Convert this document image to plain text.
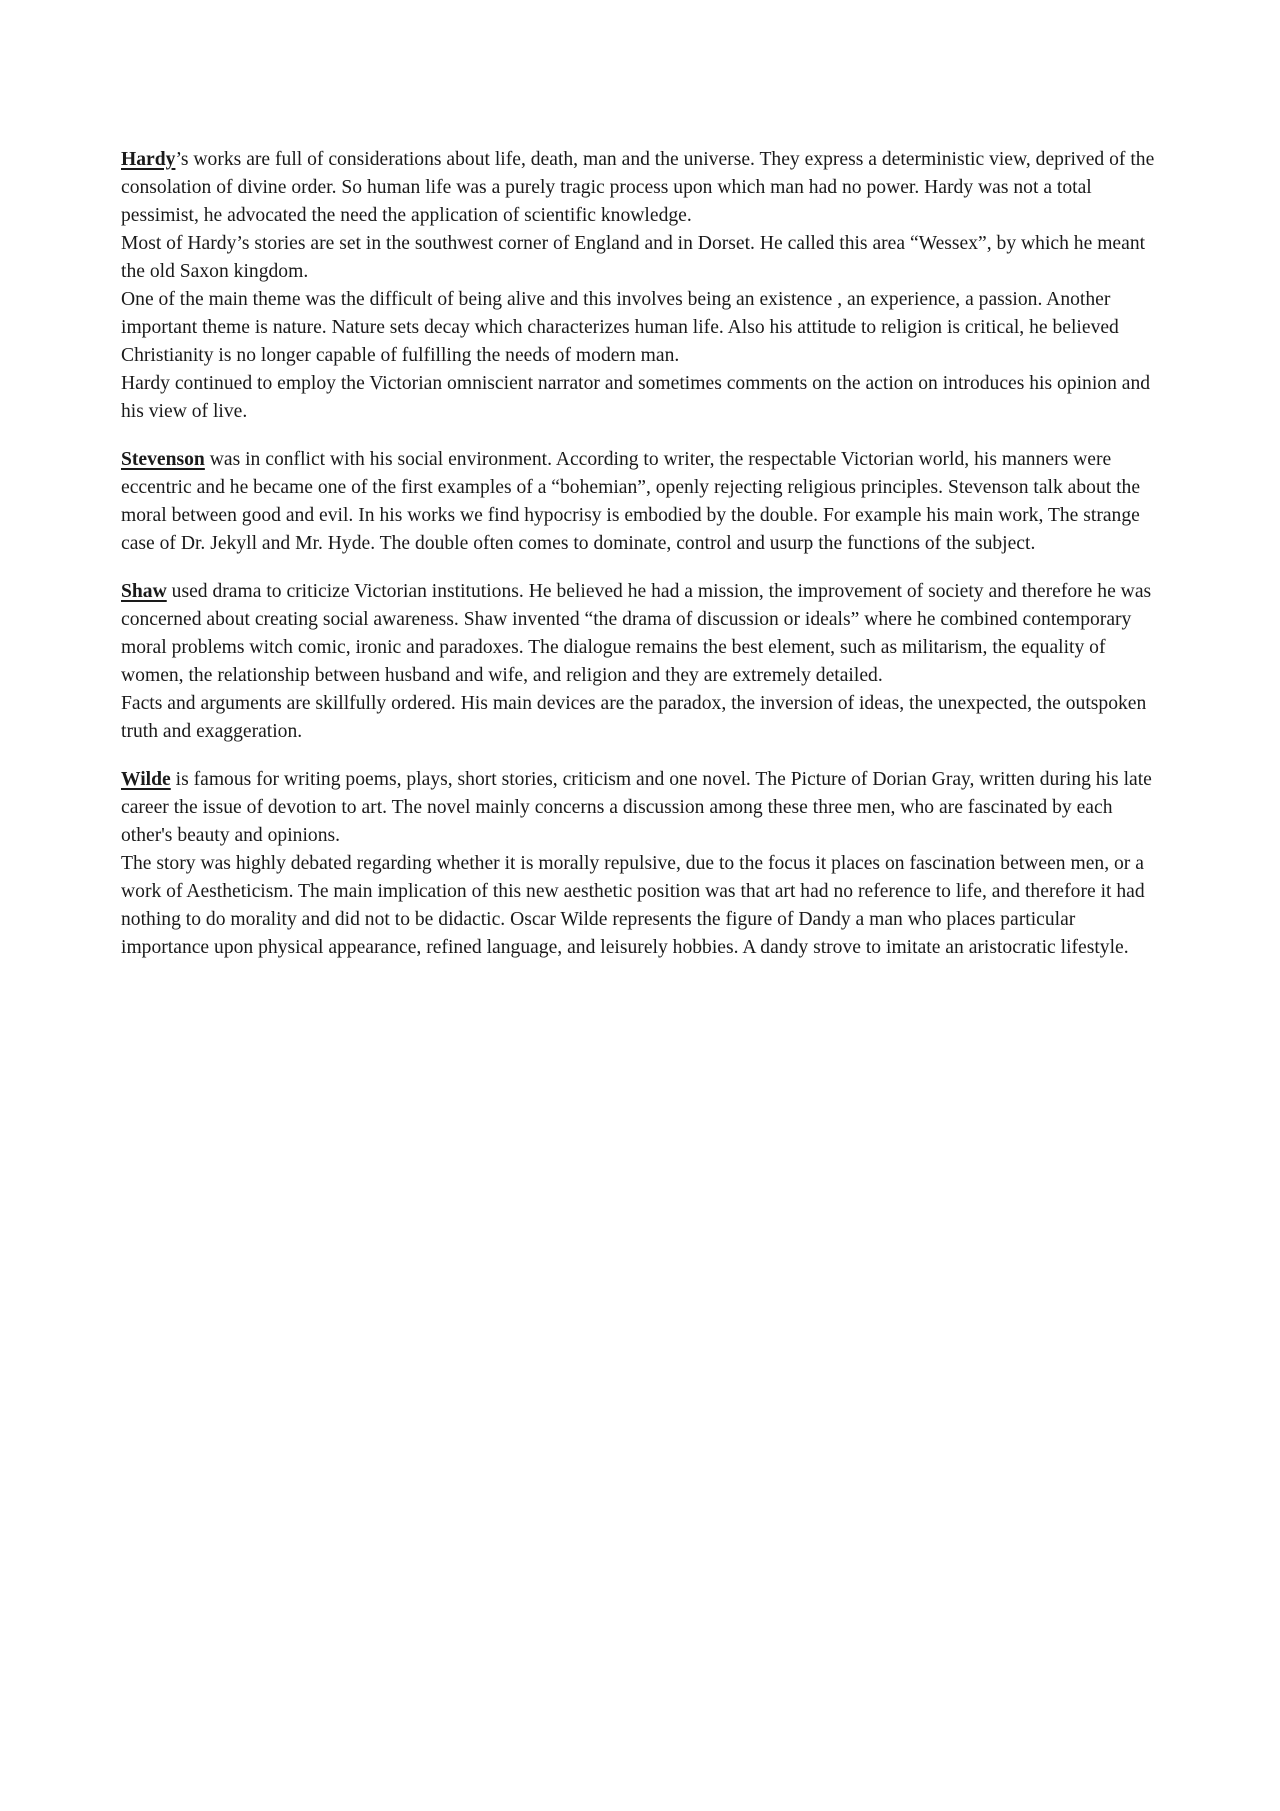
Hardy’s works are full of considerations about life, death, man and the universe. They express a deterministic view, deprived of the consolation of divine order. So human life was a purely tragic process upon which man had no power. Hardy was not a total pessimist, he advocated the need the application of scientific knowledge.

Most of Hardy’s stories are set in the southwest corner of England and in Dorset. He called this area “Wessex”, by which he meant the old Saxon kingdom.

One of the main theme was the difficult of being alive and this involves being an existence , an experience, a passion. Another important theme is nature. Nature sets decay which characterizes human life. Also his attitude to religion is critical, he believed Christianity is no longer capable of fulfilling the needs of modern man.

Hardy continued to employ the Victorian omniscient narrator and sometimes comments on the action on introduces his opinion and his view of live.

Stevenson was in conflict with his social environment. According to writer, the respectable Victorian world, his manners were eccentric and he became one of the first examples of a “bohemian”, openly rejecting religious principles. Stevenson talk about the moral between good and evil. In his works we find hypocrisy is embodied by the double. For example his main work, The strange case of Dr. Jekyll and Mr. Hyde. The double often comes to dominate, control and usurp the functions of the subject.

Shaw used drama to criticize Victorian institutions. He believed he had a mission, the improvement of society and therefore he was concerned about creating social awareness. Shaw invented “the drama of discussion or ideals” where he combined contemporary moral problems witch comic, ironic and paradoxes. The dialogue remains the best element, such as militarism, the equality of women, the relationship between husband and wife, and religion and they are extremely detailed.

Facts and arguments are skillfully ordered. His main devices are the paradox, the inversion of ideas, the unexpected, the outspoken truth and exaggeration.

Wilde is famous for writing poems, plays, short stories, criticism and one novel. The Picture of Dorian Gray, written during his late career the issue of devotion to art. The novel mainly concerns a discussion among these three men, who are fascinated by each other's beauty and opinions.

The story was highly debated regarding whether it is morally repulsive, due to the focus it places on fascination between men, or a work of Aestheticism. The main implication of this new aesthetic position was that art had no reference to life, and therefore it had nothing to do morality and did not to be didactic. Oscar Wilde represents the figure of Dandy a man who places particular importance upon physical appearance, refined language, and leisurely hobbies. A dandy strove to imitate an aristocratic lifestyle.
